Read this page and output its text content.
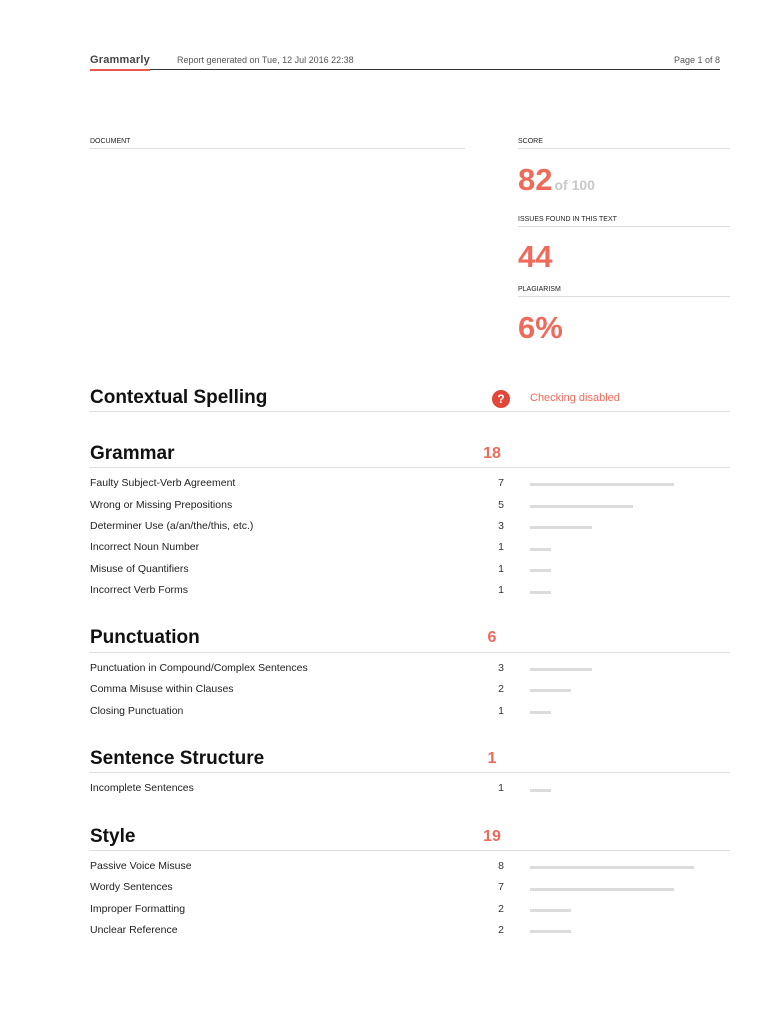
Grammarly	Report generated on Tue, 12 Jul 2016 22:38	Page 1 of 8
DOCUMENT	SCORE
82 of 100
ISSUES FOUND IN THIS TEXT
44
PLAGIARISM
6%
Contextual Spelling	?	Checking disabled
Grammar	18
Faulty Subject-Verb Agreement	7
Wrong or Missing Prepositions	5
Determiner Use (a/an/the/this, etc.)	3
Incorrect Noun Number	1
Misuse of Quantifiers	1
Incorrect Verb Forms	1
Punctuation	6
Punctuation in Compound/Complex Sentences	3
Comma Misuse within Clauses	2
Closing Punctuation	1
Sentence Structure	1
Incomplete Sentences	1
Style	19
Passive Voice Misuse	8
Wordy Sentences	7
Improper Formatting	2
Unclear Reference	2
